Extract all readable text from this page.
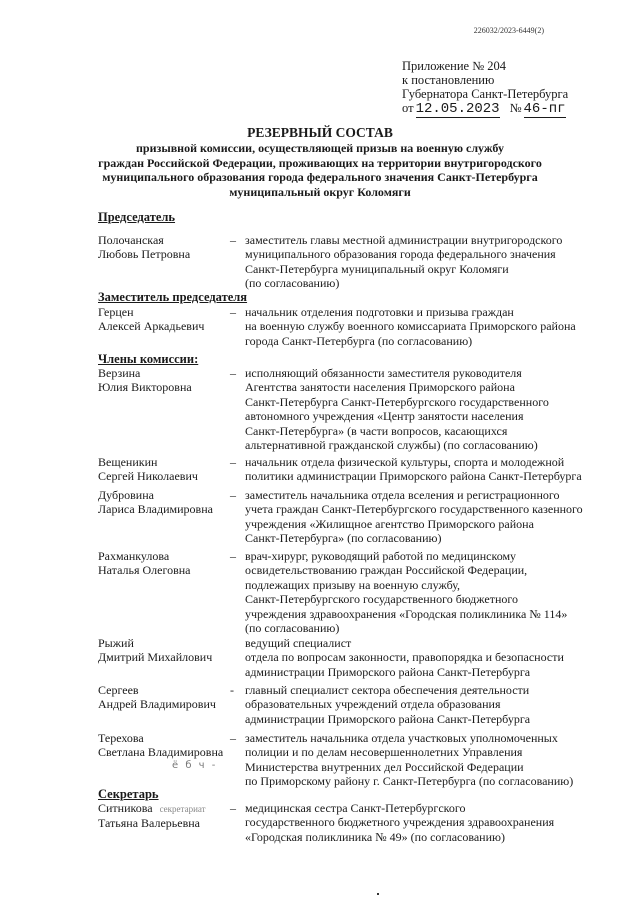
226032/2023-6449(2)
Приложение № 204
к постановлению
Губернатора Санкт-Петербурга
от 12.05.2023 № 46-пг
РЕЗЕРВНЫЙ СОСТАВ
призывной комиссии, осуществляющей призыв на военную службу
граждан Российской Федерации, проживающих на территории внутригородского
муниципального образования города федерального значения Санкт-Петербурга
муниципальный округ Коломяги
Председатель
Полочанская
Любовь Петровна
– заместитель главы местной администрации внутригородского
муниципального образования города федерального значения
Санкт-Петербурга муниципальный округ Коломяги
(по согласованию)
Заместитель председателя
Герцен
Алексей Аркадьевич
– начальник отделения подготовки и призыва граждан
на военную службу военного комиссариата Приморского района
города Санкт-Петербурга (по согласованию)
Члены комиссии:
Верзина
Юлия Викторовна
– исполняющий обязанности заместителя руководителя
Агентства занятости населения Приморского района
Санкт-Петербурга Санкт-Петербургского государственного
автономного учреждения «Центр занятости населения
Санкт-Петербурга» (в части вопросов, касающихся
альтернативной гражданской службы) (по согласованию)
Вещеникин
Сергей Николаевич
– начальник отдела физической культуры, спорта и молодежной
политики администрации Приморского района Санкт-Петербурга
Дубровина
Лариса Владимировна
– заместитель начальника отдела вселения и регистрационного
учета граждан Санкт-Петербургского государственного казенного
учреждения «Жилищное агентство Приморского района
Санкт-Петербурга» (по согласованию)
Рахманкулова
Наталья Олеговна
– врач-хирург, руководящий работой по медицинскому
освидетельствованию граждан Российской Федерации,
подлежащих призыву на военную службу,
Санкт-Петербургского государственного бюджетного
учреждения здравоохранения «Городская поликлиника № 114»
(по согласованию)
Рыжий
Дмитрий Михайлович
ведущий специалист
отдела по вопросам законности, правопорядка и безопасности
администрации Приморского района Санкт-Петербурга
Сергеев
Андрей Владимирович
- главный специалист сектора обеспечения деятельности
образовательных учреждений отдела образования
администрации Приморского района Санкт-Петербурга
Терехова
Светлана Владимировна
– заместитель начальника отдела участковых уполномоченных
полиции и по делам несовершеннолетних Управления
Министерства внутренних дел Российской Федерации
по Приморскому району г. Санкт-Петербурга (по согласованию)
ё б ч -
Секретарь
Ситникова секретариат
Татьяна Валерьевна
– медицинская сестра Санкт-Петербургского
государственного бюджетного учреждения здравоохранения
«Городская поликлиника № 49» (по согласованию)
